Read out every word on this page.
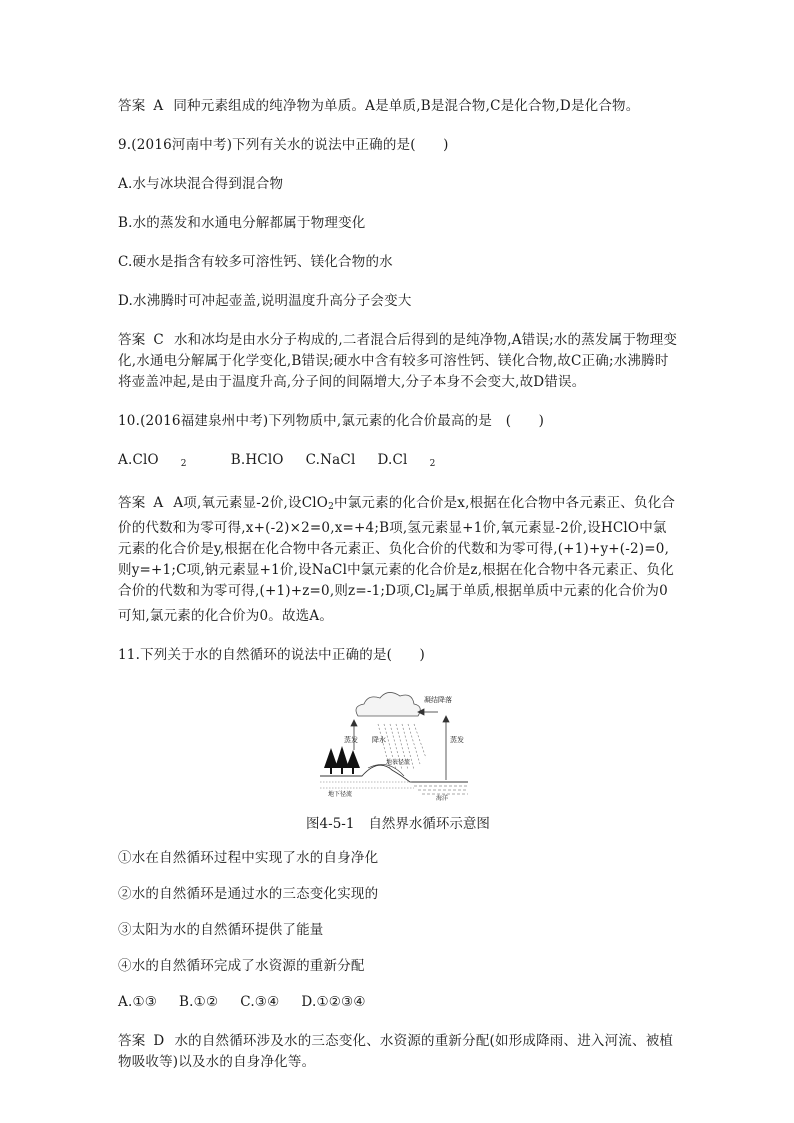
答案 A 同种元素组成的纯净物为单质。A是单质,B是混合物,C是化合物,D是化合物。

9.(2016河南中考)下列有关水的说法中正确的是(　　)

A.水与冰块混合得到混合物

B.水的蒸发和水通电分解都属于物理变化

C.硬水是指含有较多可溶性钙、镁化合物的水

D.水沸腾时可冲起壶盖,说明温度升高分子会变大

答案 C 水和冰均是由水分子构成的,二者混合后得到的是纯净物,A错误;水的蒸发属于物理变化,水通电分解属于化学变化,B错误;硬水中含有较多可溶性钙、镁化合物,故C正确;水沸腾时将壶盖冲起,是由于温度升高,分子间的间隔增大,分子本身不会变大,故D错误。

10.(2016福建泉州中考)下列物质中,氯元素的化合价最高的是　(　　)

A.ClO $_2$	B.HClO C.NaCl D.Cl $_2$

答案 A A项,氧元素显-2价,设ClO$_2$中氯元素的化合价是x,根据在化合物中各元素正、负化合价的代数和为零可得,x+(-2)×2=0,x=+4;B项,氢元素显+1价,氧元素显-2价,设HClO中氯元素的化合价是y,根据在化合物中各元素正、负化合价的代数和为零可得,(+1)+y+(-2)=0,则y=+1;C项,钠元素显+1价,设NaCl中氯元素的化合价是z,根据在化合物中各元素正、负化合价的代数和为零可得,(+1)+z=0,则z=-1;D项$,Cl_2$属于单质,根据单质中元素的化合价为0可知,氯元素的化合价为0。故选A。

11.下列关于水的自然循环的说法中正确的是(　　)

凝结降落
蒸发 降水	蒸发
地表径流
地下径流
海洋
图4-5-1 自然界水循环示意图

①水在自然循环过程中实现了水的自身净化

②水的自然循环是通过水的三态变化实现的

③太阳为水的自然循环提供了能量

④水的自然循环完成了水资源的重新分配

A.①③ B.①② C.③④ D.①②③④

答案 D 水的自然循环涉及水的三态变化、水资源的重新分配(如形成降雨、进入河流、被植物吸收等)以及水的自身净化等。
